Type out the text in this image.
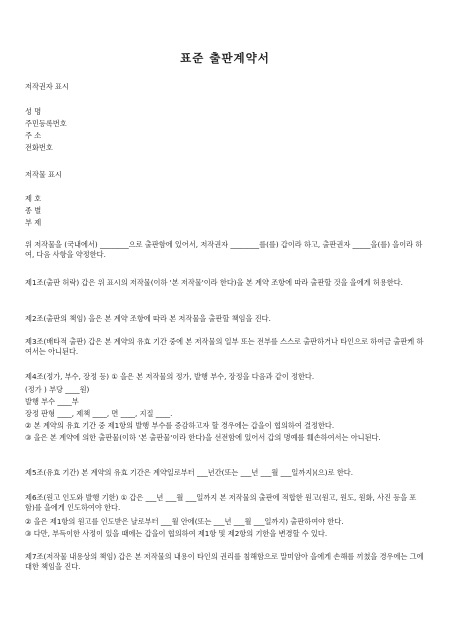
표준 출판계약서
저작권자 표시
성 명
주민등록번호
주 소
전화번호
저작물 표시
제 호
종 별
부 제
위 저작물을 (국내에서) ________으로 출판함에 있어서, 저작권자 ________를(를) 갑이라 하고, 출판권자 _____을(를) 을이라 하여, 다음 사항을 약정한다.
제1조(출판 허락) 갑은 위 표시의 저작물(이하 '본 저작물'이라 한다)을 본 계약 조항에 따라 출판할 것을 을에게 허용한다.
제2조(출판의 책임) 을은 본 계약 조항에 따라 본 저작물을 출판할 책임을 진다.
제3조(배타적 출판) 갑은 본 계약의 유효 기간 중에 본 저작물의 일부 또는 전부를 스스로 출판하거나 타인으로 하여금 출판케 하여서는 아니된다.
제4조(정가, 부수, 장정 등) ① 을은 본 저작물의 정가, 발행 부수, 장정을 다음과 같이 정한다.
(정가 ) 부당 ____원)
발행 부수 ____부
장정 판형 ____, 제책 ____, 면 ____, 지질 ____.
② 본 계약의 유효 기간 중 제1항의 발행 부수를 증감하고자 할 경우에는 갑을이 협의하여 결정한다.
③ 을은 본 계약에 의한 출판물(이하 '본 출판물'이라 한다)을 선전함에 있어서 갑의 명예를 훼손하여서는 아니된다.
제5조(유효 기간) 본 계약의 유효 기간은 계약일로부터 ___년간(또는 ___년 ___월 ___일까지)(으)로 한다.
제6조(원고 인도와 발행 기한) ① 갑은 ___년 ___월 ___일까지 본 저작물의 출판에 적합한 원고(원고, 원도, 원화, 사진 등을 포함)를 을에게 인도하여야 한다.
② 을은 제1항의 원고를 인도받은 날로부터 ___월 안에(또는 ___년 ___월 ___일까지) 출판하여야 한다.
③ 다만, 부득이한 사정이 있을 때에는 갑을이 협의하여 제1항 및 제2항의 기한을 변경할 수 있다.
제7조(저작물 내용상의 책임) 갑은 본 저작물의 내용이 타인의 권리를 침해함으로 말미암아 을에게 손해를 끼쳤을 경우에는 그에 대한 책임을 진다.
